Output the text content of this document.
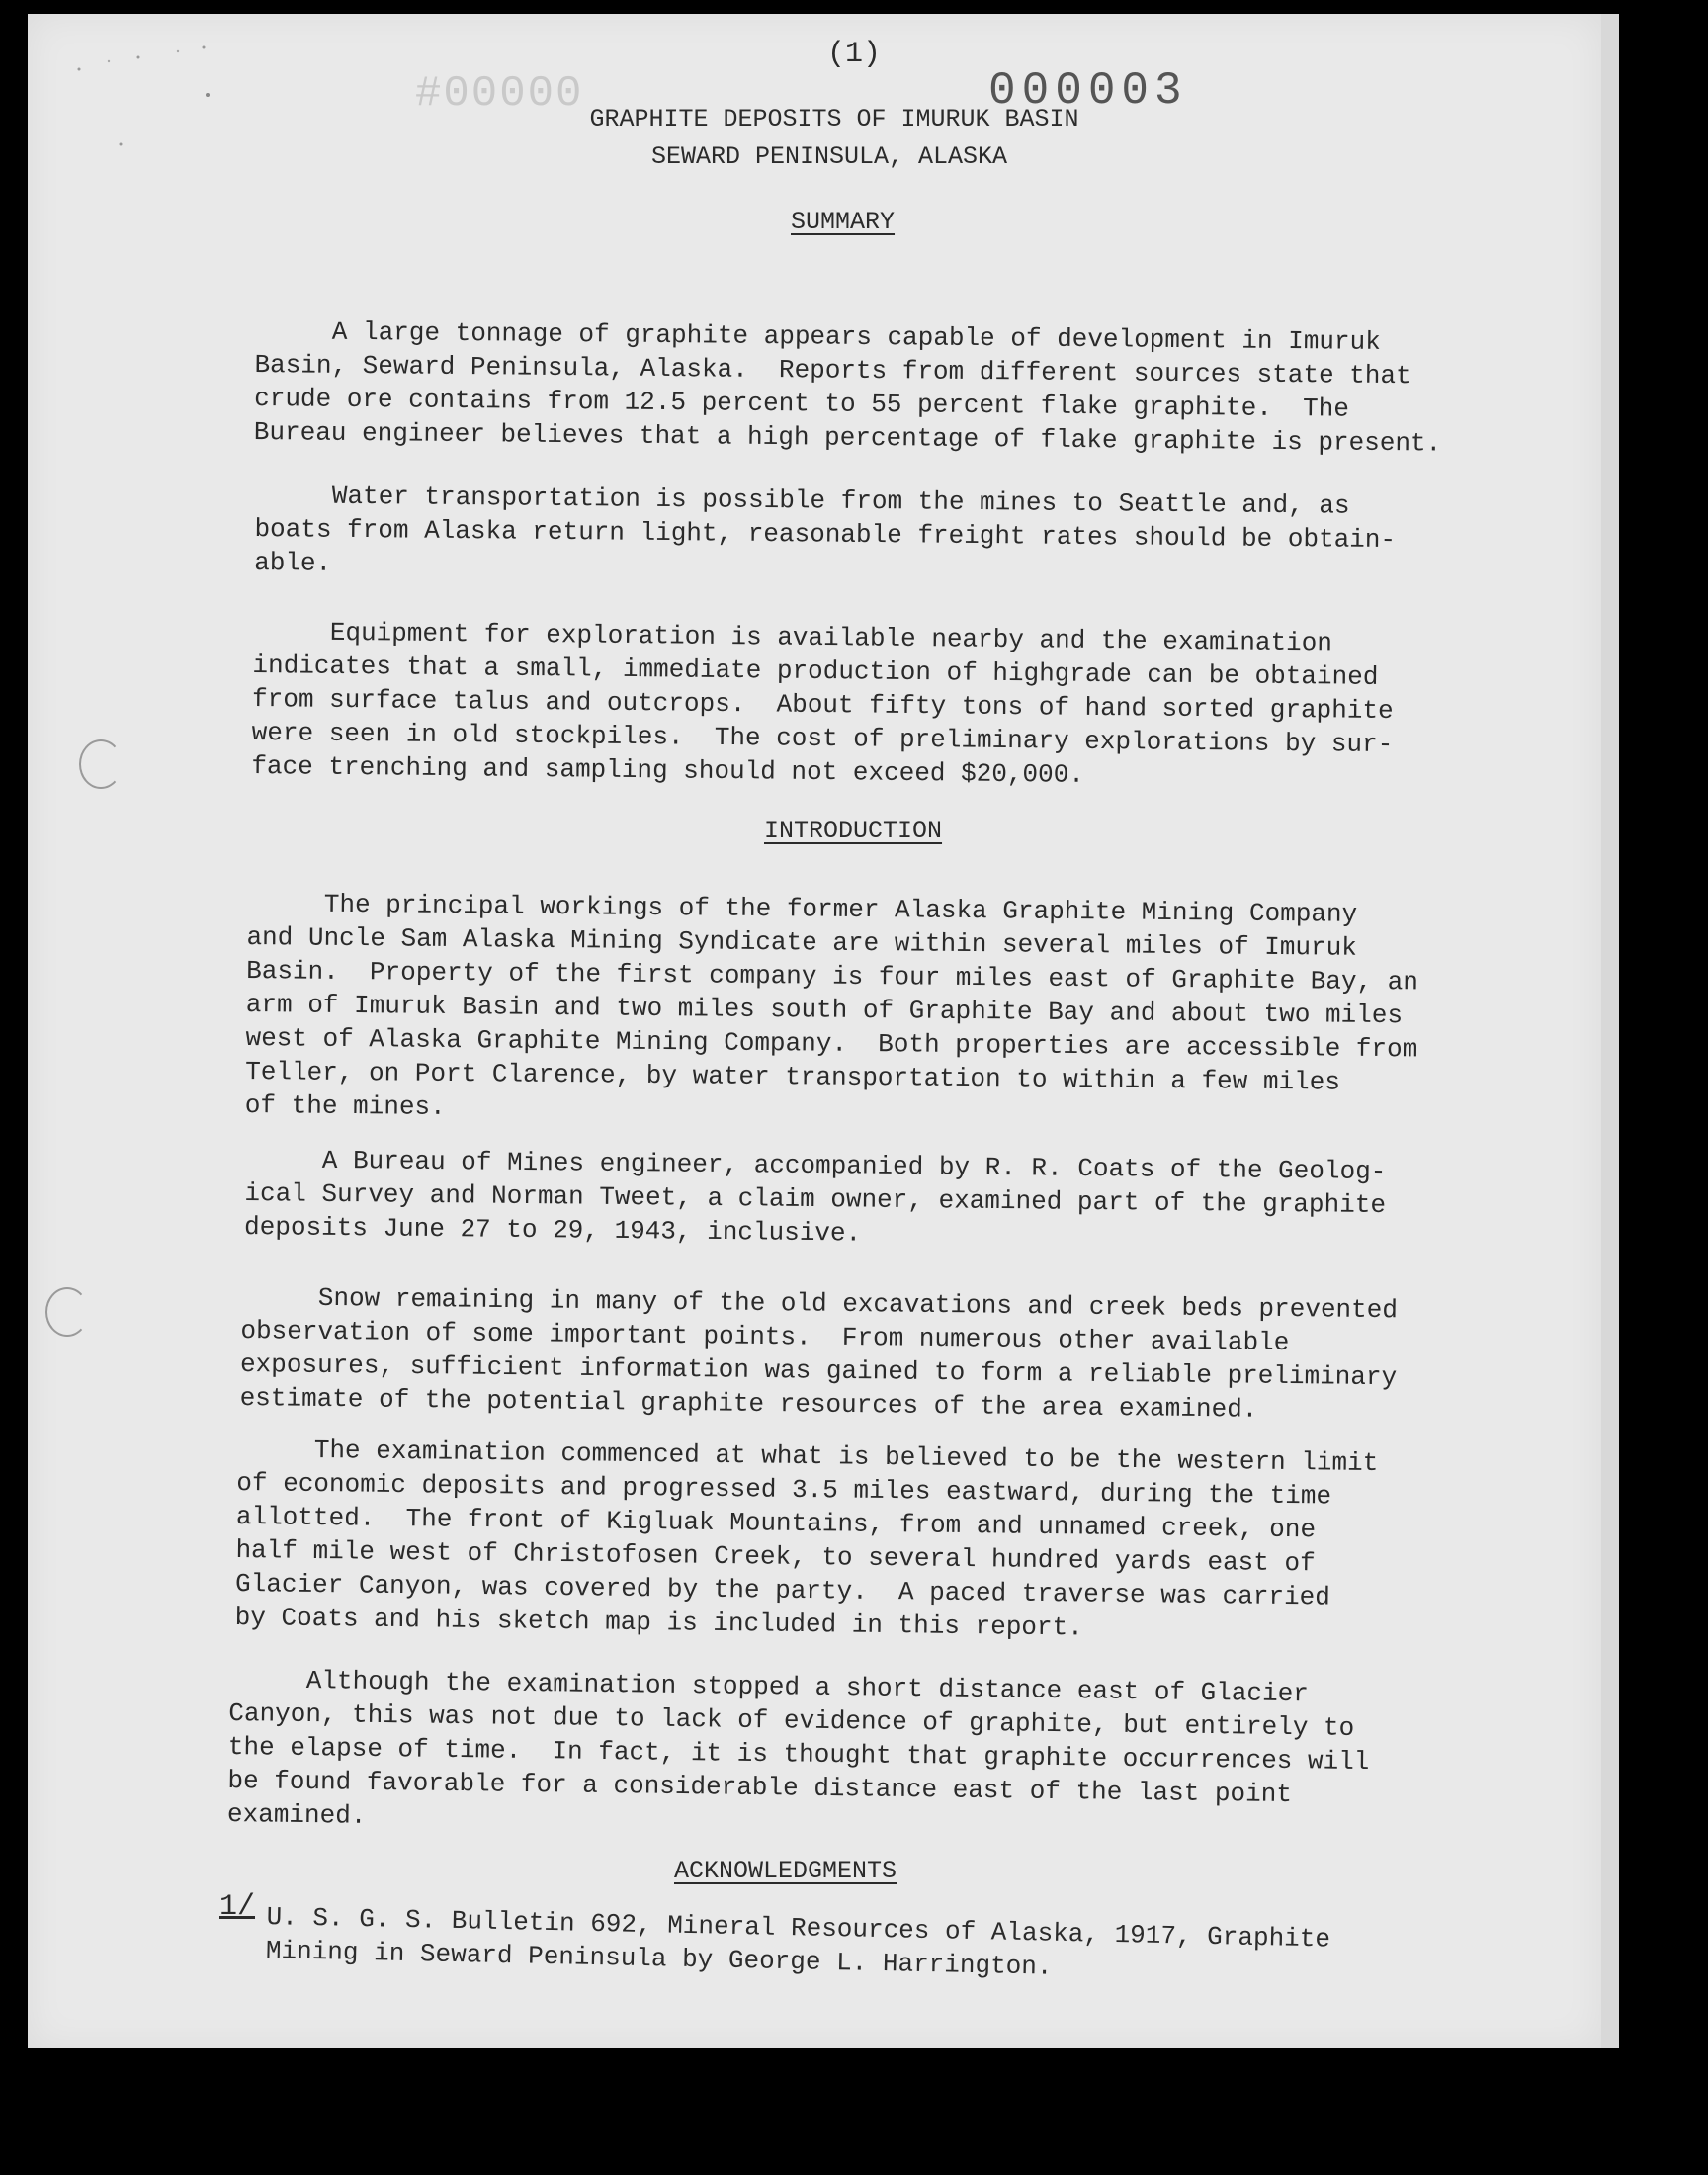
(1)
#00000	000003
GRAPHITE DEPOSITS OF IMURUK BASIN
SEWARD PENINSULA, ALASKA
SUMMARY
A large tonnage of graphite appears capable of development in Imuruk
Basin, Seward Peninsula, Alaska.  Reports from different sources state that
crude ore contains from 12.5 percent to 55 percent flake graphite.  The
Bureau engineer believes that a high percentage of flake graphite is present.
Water transportation is possible from the mines to Seattle and, as
boats from Alaska return light, reasonable freight rates should be obtain-
able.
Equipment for exploration is available nearby and the examination
indicates that a small, immediate production of highgrade can be obtained
from surface talus and outcrops.  About fifty tons of hand sorted graphite
were seen in old stockpiles.  The cost of preliminary explorations by sur-
face trenching and sampling should not exceed $20,000.
INTRODUCTION
The principal workings of the former Alaska Graphite Mining Company
and Uncle Sam Alaska Mining Syndicate are within several miles of Imuruk
Basin.  Property of the first company is four miles east of Graphite Bay, an
arm of Imuruk Basin and two miles south of Graphite Bay and about two miles
west of Alaska Graphite Mining Company.  Both properties are accessible from
Teller, on Port Clarence, by water transportation to within a few miles
of the mines.
A Bureau of Mines engineer, accompanied by R. R. Coats of the Geolog-
ical Survey and Norman Tweet, a claim owner, examined part of the graphite
deposits June 27 to 29, 1943, inclusive.
Snow remaining in many of the old excavations and creek beds prevented
observation of some important points.  From numerous other available
exposures, sufficient information was gained to form a reliable preliminary
estimate of the potential graphite resources of the area examined.
The examination commenced at what is believed to be the western limit
of economic deposits and progressed 3.5 miles eastward, during the time
allotted.  The front of Kigluak Mountains, from and unnamed creek, one
half mile west of Christofosen Creek, to several hundred yards east of
Glacier Canyon, was covered by the party.  A paced traverse was carried
by Coats and his sketch map is included in this report.
Although the examination stopped a short distance east of Glacier
Canyon, this was not due to lack of evidence of graphite, but entirely to
the elapse of time.  In fact, it is thought that graphite occurrences will
be found favorable for a considerable distance east of the last point
examined.
ACKNOWLEDGMENTS
1/ U. S. G. S. Bulletin 692, Mineral Resources of Alaska, 1917, Graphite
Mining in Seward Peninsula by George L. Harrington.
